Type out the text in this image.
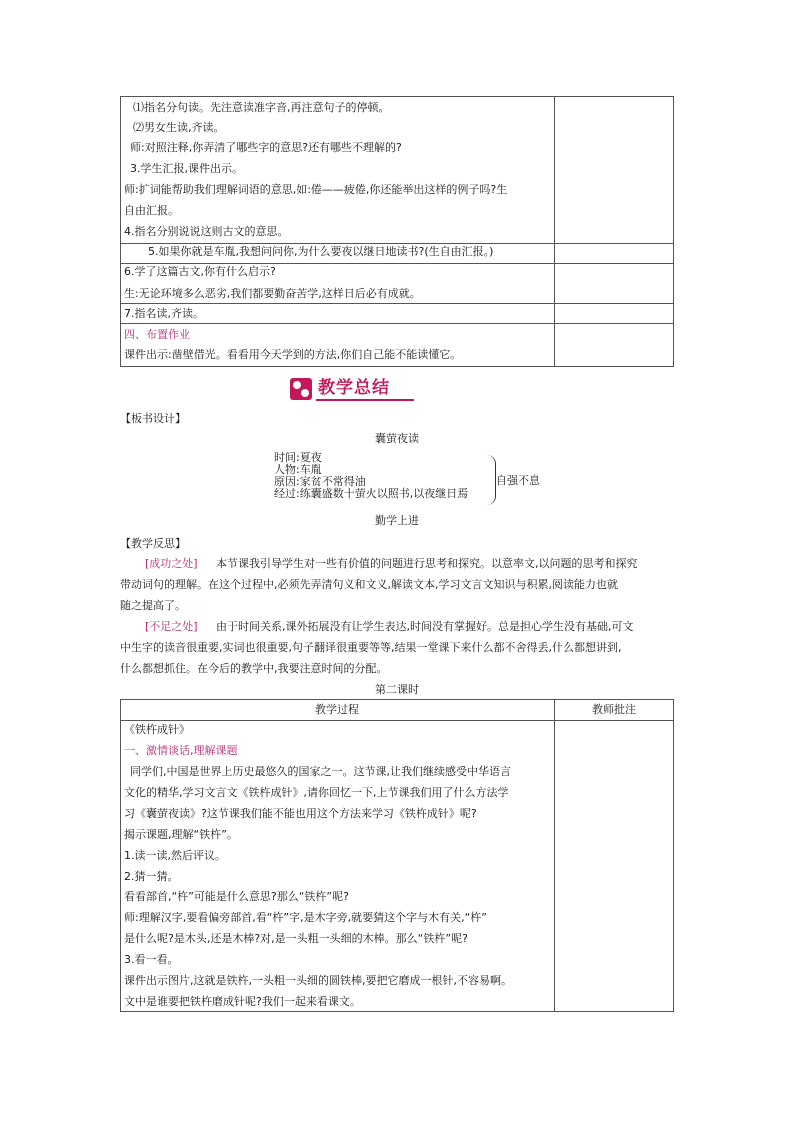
⑴指名分句读。先注意读准字音,再注意句子的停顿。
⑵男女生读,齐读。
师:对照注释,你弄清了哪些字的意思?还有哪些不理解的?
3.学生汇报,课件出示。
师:扩词能帮助我们理解词语的意思,如:倦——疲倦,你还能举出这样的例子吗?生
自由汇报。
4.指名分别说说这则古文的意思。
5.如果你就是车胤,我想问问你,为什么要夜以继日地读书?(生自由汇报。)
6.学了这篇古文,你有什么启示?
生:无论环境多么恶劣,我们都要勤奋苦学,这样日后必有成就。
7.指名读,齐读。
四、布置作业
课件出示:凿壁借光。看看用今天学到的方法,你们自己能不能读懂它。
教学总结
【板书设计】
囊萤夜读
时间:夏夜
人物:车胤
原因:家贫不常得油
经过:练囊盛数十萤火以照书,以夜继日焉
自强不息
勤学上进
【教学反思】
[成功之处] 本节课我引导学生对一些有价值的问题进行思考和探究。以意率文,以问题的思考和探究
带动词句的理解。在这个过程中,必须先弄清句义和文义,解读文本,学习文言文知识与积累,阅读能力也就
随之提高了。
[不足之处] 由于时间关系,课外拓展没有让学生表达,时间没有掌握好。总是担心学生没有基础,可文
中生字的读音很重要,实词也很重要,句子翻译很重要等等,结果一堂课下来什么都不舍得丢,什么都想讲到,
什么都想抓住。在今后的教学中,我要注意时间的分配。
第二课时
教学过程	教师批注
《铁杵成针》
一、激情谈话,理解课题
同学们,中国是世界上历史最悠久的国家之一。这节课,让我们继续感受中华语言
文化的精华,学习文言文《铁杵成针》,请你回忆一下,上节课我们用了什么方法学
习《囊萤夜读》?这节课我们能不能也用这个方法来学习《铁杵成针》呢?
揭示课题,理解“铁杵”。
1.读一读,然后评议。
2.猜一猜。
看看部首,“杵”可能是什么意思?那么“铁杵”呢?
师:理解汉字,要看偏旁部首,看“杵”字,是木字旁,就要猜这个字与木有关,“杵”
是什么呢?是木头,还是木棒?对,是一头粗一头细的木棒。那么“铁杵”呢?
3.看一看。
课件出示图片,这就是铁杵,一头粗一头细的圆铁棒,要把它磨成一根针,不容易啊。
文中是谁要把铁杵磨成针呢?我们一起来看课文。
